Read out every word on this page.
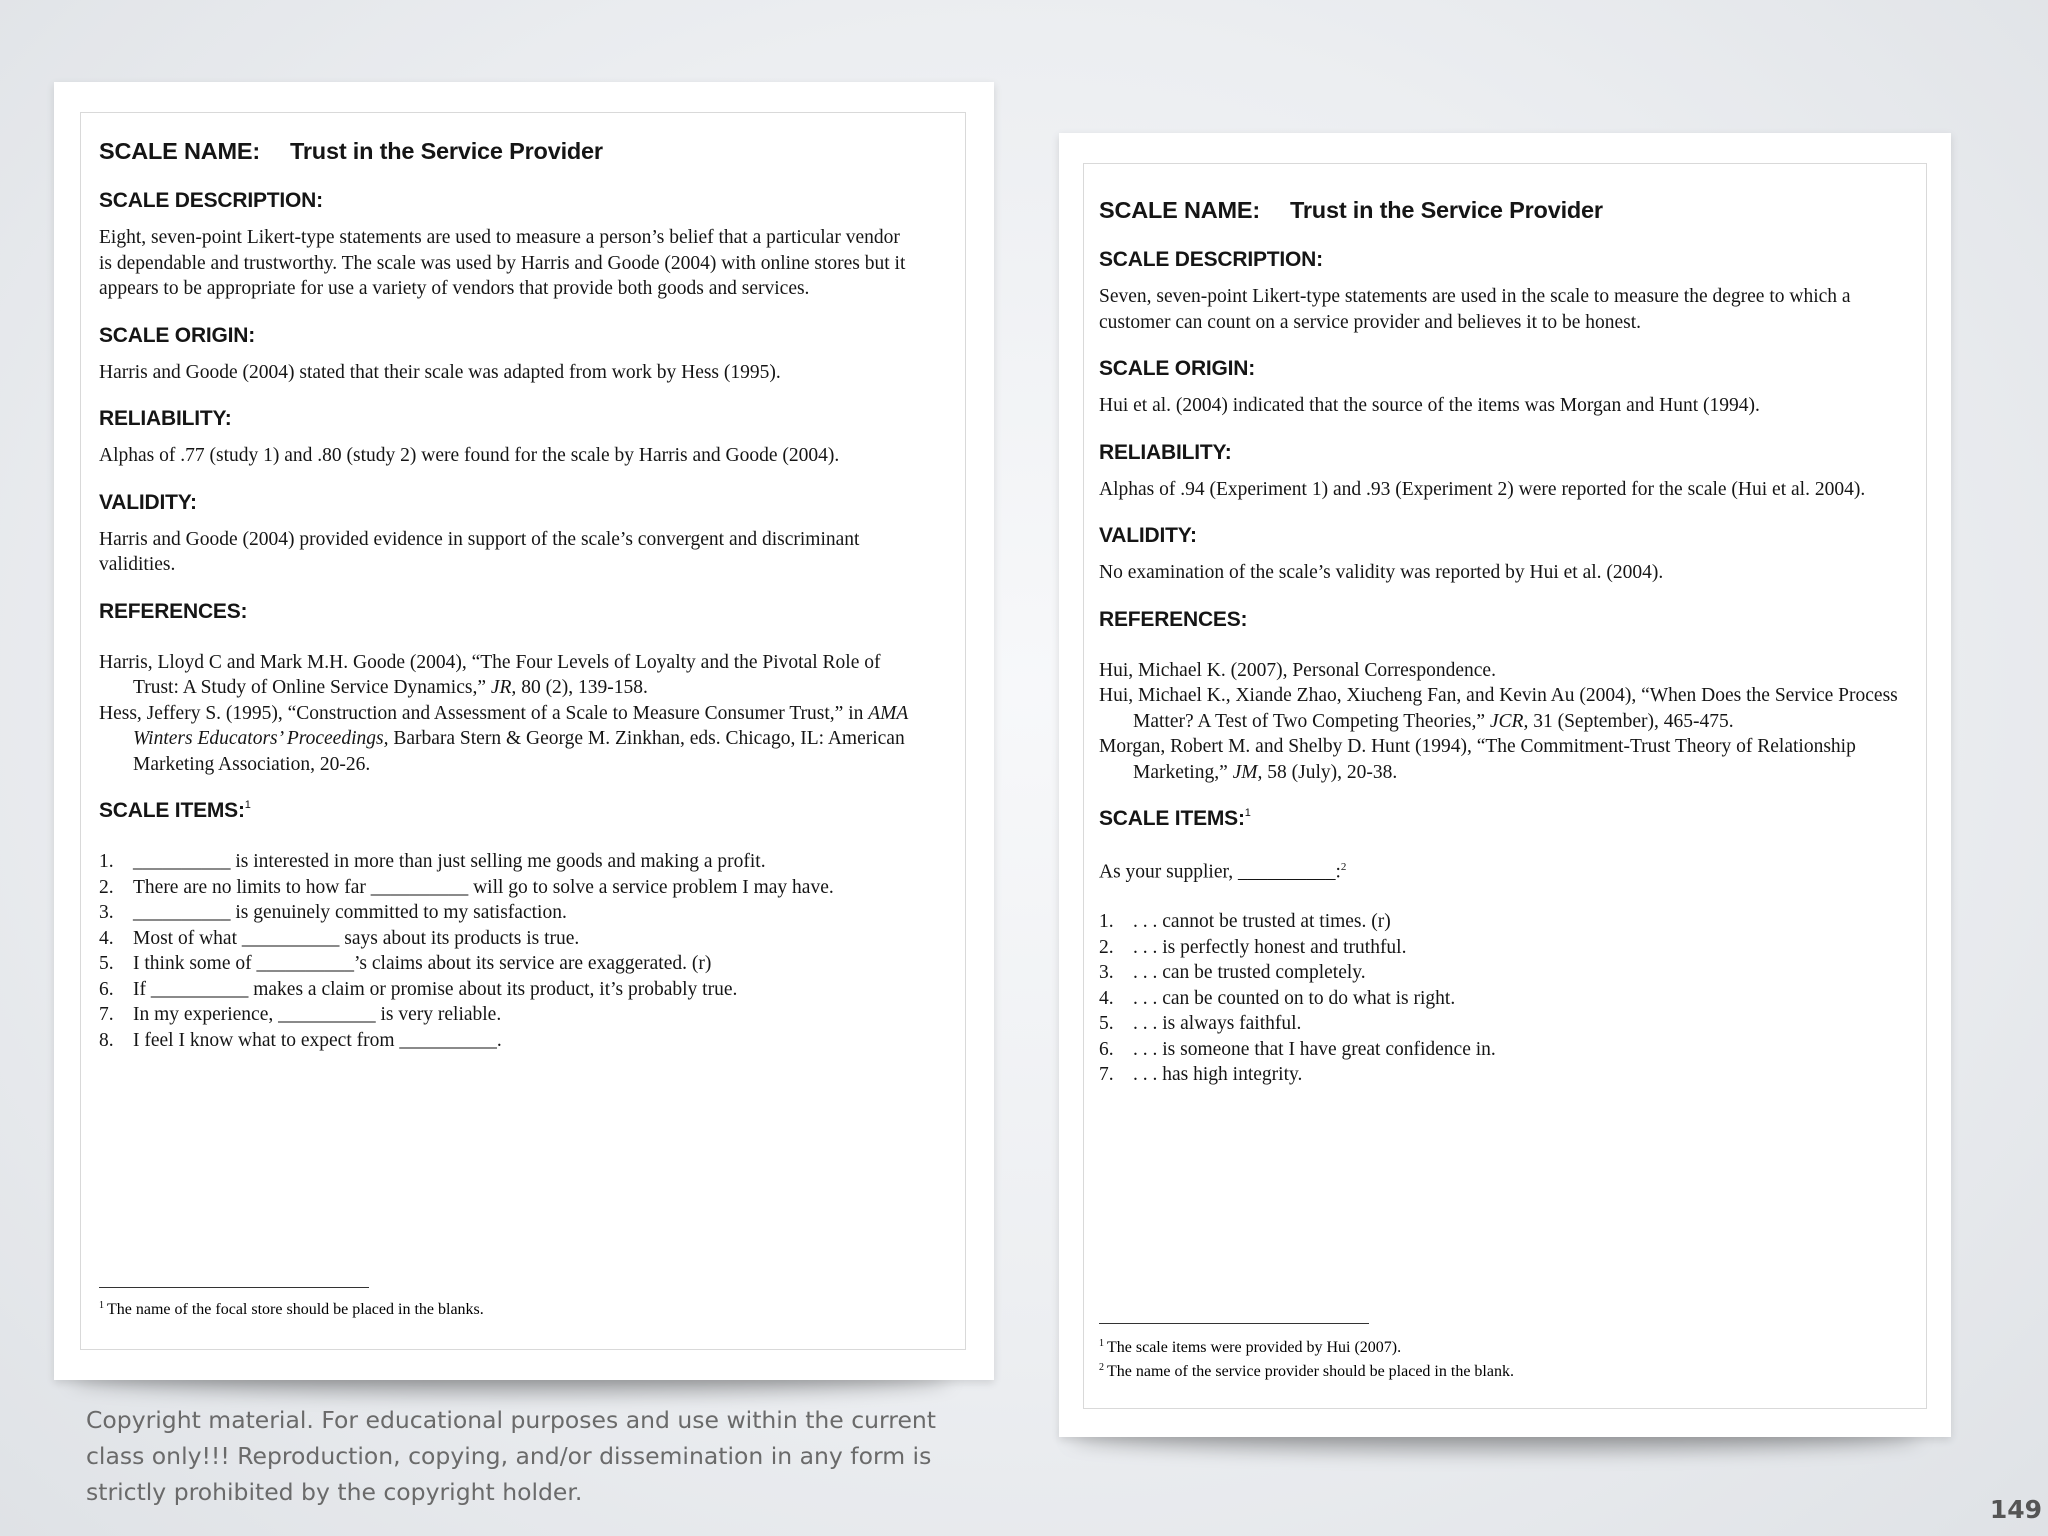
SCALE NAME: Trust in the Service Provider

SCALE DESCRIPTION:

Eight, seven-point Likert-type statements are used to measure a person’s belief that a particular vendor is dependable and trustworthy. The scale was used by Harris and Goode (2004) with online stores but it appears to be appropriate for use a variety of vendors that provide both goods and services.

SCALE ORIGIN:

Harris and Goode (2004) stated that their scale was adapted from work by Hess (1995).

RELIABILITY:

Alphas of .77 (study 1) and .80 (study 2) were found for the scale by Harris and Goode (2004).

VALIDITY:

Harris and Goode (2004) provided evidence in support of the scale’s convergent and discriminant validities.

REFERENCES:

Harris, Lloyd C and Mark M.H. Goode (2004), “The Four Levels of Loyalty and the Pivotal Role of Trust: A Study of Online Service Dynamics,” JR, 80 (2), 139-158.

Hess, Jeffery S. (1995), “Construction and Assessment of a Scale to Measure Consumer Trust,” in AMA Winters Educators’ Proceedings, Barbara Stern & George M. Zinkhan, eds. Chicago, IL: American Marketing Association, 20-26.

SCALE ITEMS:$^1$

1. __________ is interested in more than just selling me goods and making a profit.
2. There are no limits to how far __________ will go to solve a service problem I may have.
3. __________ is genuinely committed to my satisfaction.
4. Most of what __________ says about its products is true.
5. I think some of __________’s claims about its service are exaggerated. (r)
6. If __________ makes a claim or promise about its product, it’s probably true.
7. In my experience, __________ is very reliable.
8. I feel I know what to expect from __________.

$^1$ The name of the focal store should be placed in the blanks.

SCALE NAME: Trust in the Service Provider

SCALE DESCRIPTION:

Seven, seven-point Likert-type statements are used in the scale to measure the degree to which a customer can count on a service provider and believes it to be honest.

SCALE ORIGIN:

Hui et al. (2004) indicated that the source of the items was Morgan and Hunt (1994).

RELIABILITY:

Alphas of .94 (Experiment 1) and .93 (Experiment 2) were reported for the scale (Hui et al. 2004).

VALIDITY:

No examination of the scale’s validity was reported by Hui et al. (2004).

REFERENCES:

Hui, Michael K. (2007), Personal Correspondence.

Hui, Michael K., Xiande Zhao, Xiucheng Fan, and Kevin Au (2004), “When Does the Service Process Matter? A Test of Two Competing Theories,” JCR, 31 (September), 465-475.

Morgan, Robert M. and Shelby D. Hunt (1994), “The Commitment-Trust Theory of Relationship Marketing,” JM, 58 (July), 20-38.

SCALE ITEMS:$^1$

As your supplier, __________:$^2$

1. . . . cannot be trusted at times. (r)
2. . . . is perfectly honest and truthful.
3. . . . can be trusted completely.
4. . . . can be counted on to do what is right.
5. . . . is always faithful.
6. . . . is someone that I have great confidence in.
7. . . . has high integrity.

$^1$ The scale items were provided by Hui (2007).

$^2$ The name of the service provider should be placed in the blank.

Copyright material. For educational purposes and use within the current class only!!! Reproduction, copying, and/or dissemination in any form is strictly prohibited by the copyright holder.
149
